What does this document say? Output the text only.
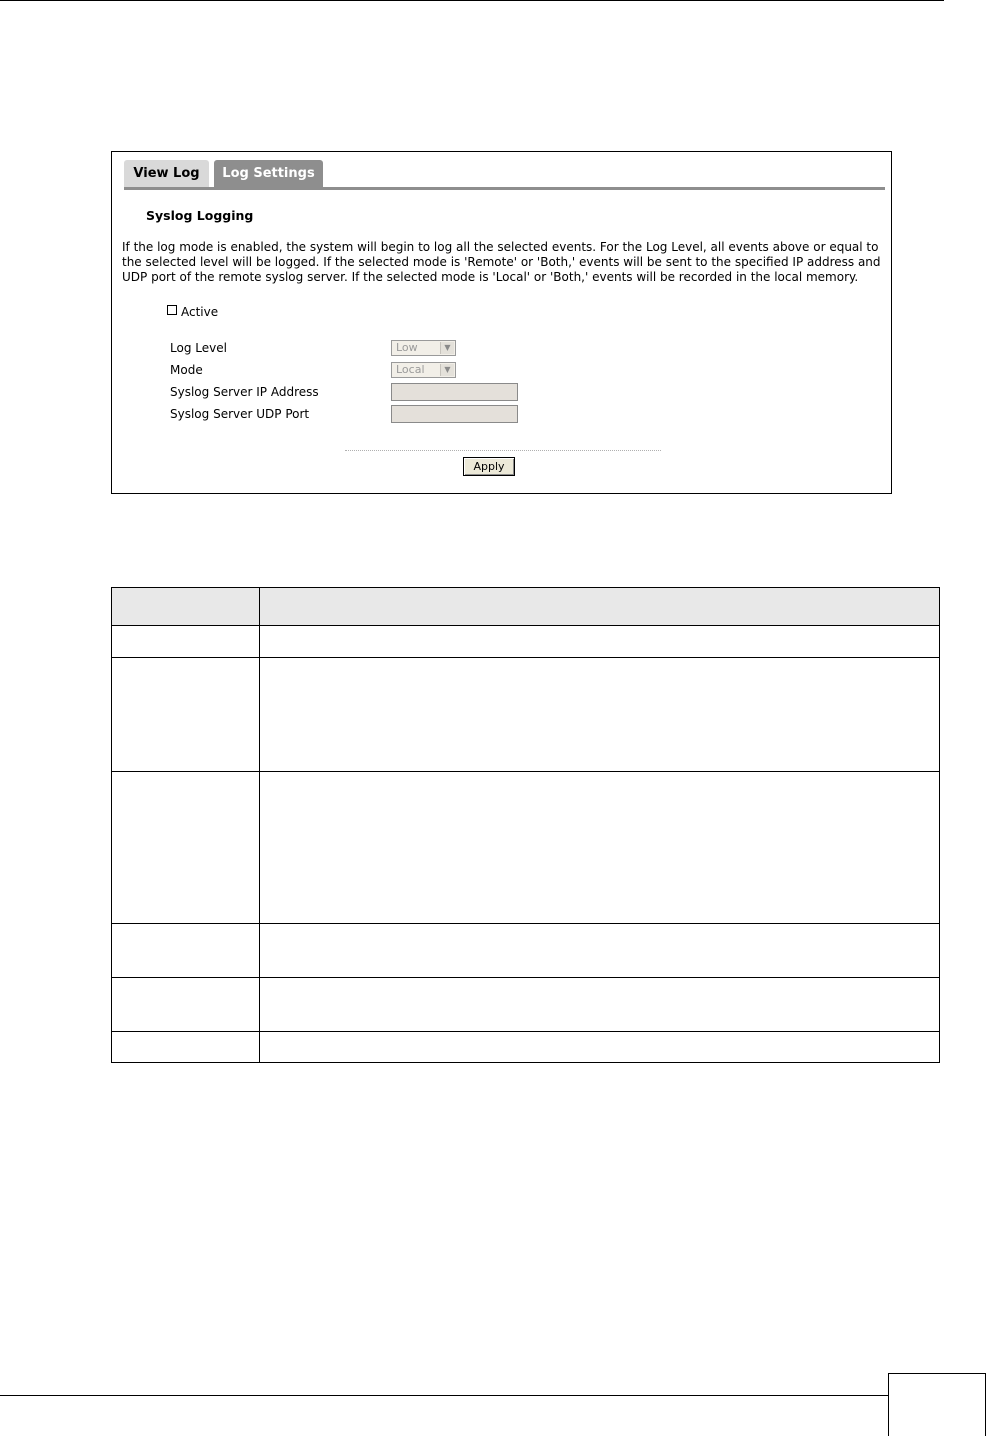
View Log	Log Settings
Syslog Logging

If the log mode is enabled, the system will begin to log all the selected events. For the Log Level, all events above or equal to the selected level will be logged. If the selected mode is 'Remote' or 'Both,' events will be sent to the specified IP address and UDP port of the remote syslog server. If the selected mode is 'Local' or 'Both,' events will be recorded in the local memory.

Active
Log Level	Low	▼
Mode	Local	▼
Syslog Server IP Address
Syslog Server UDP Port
Apply
